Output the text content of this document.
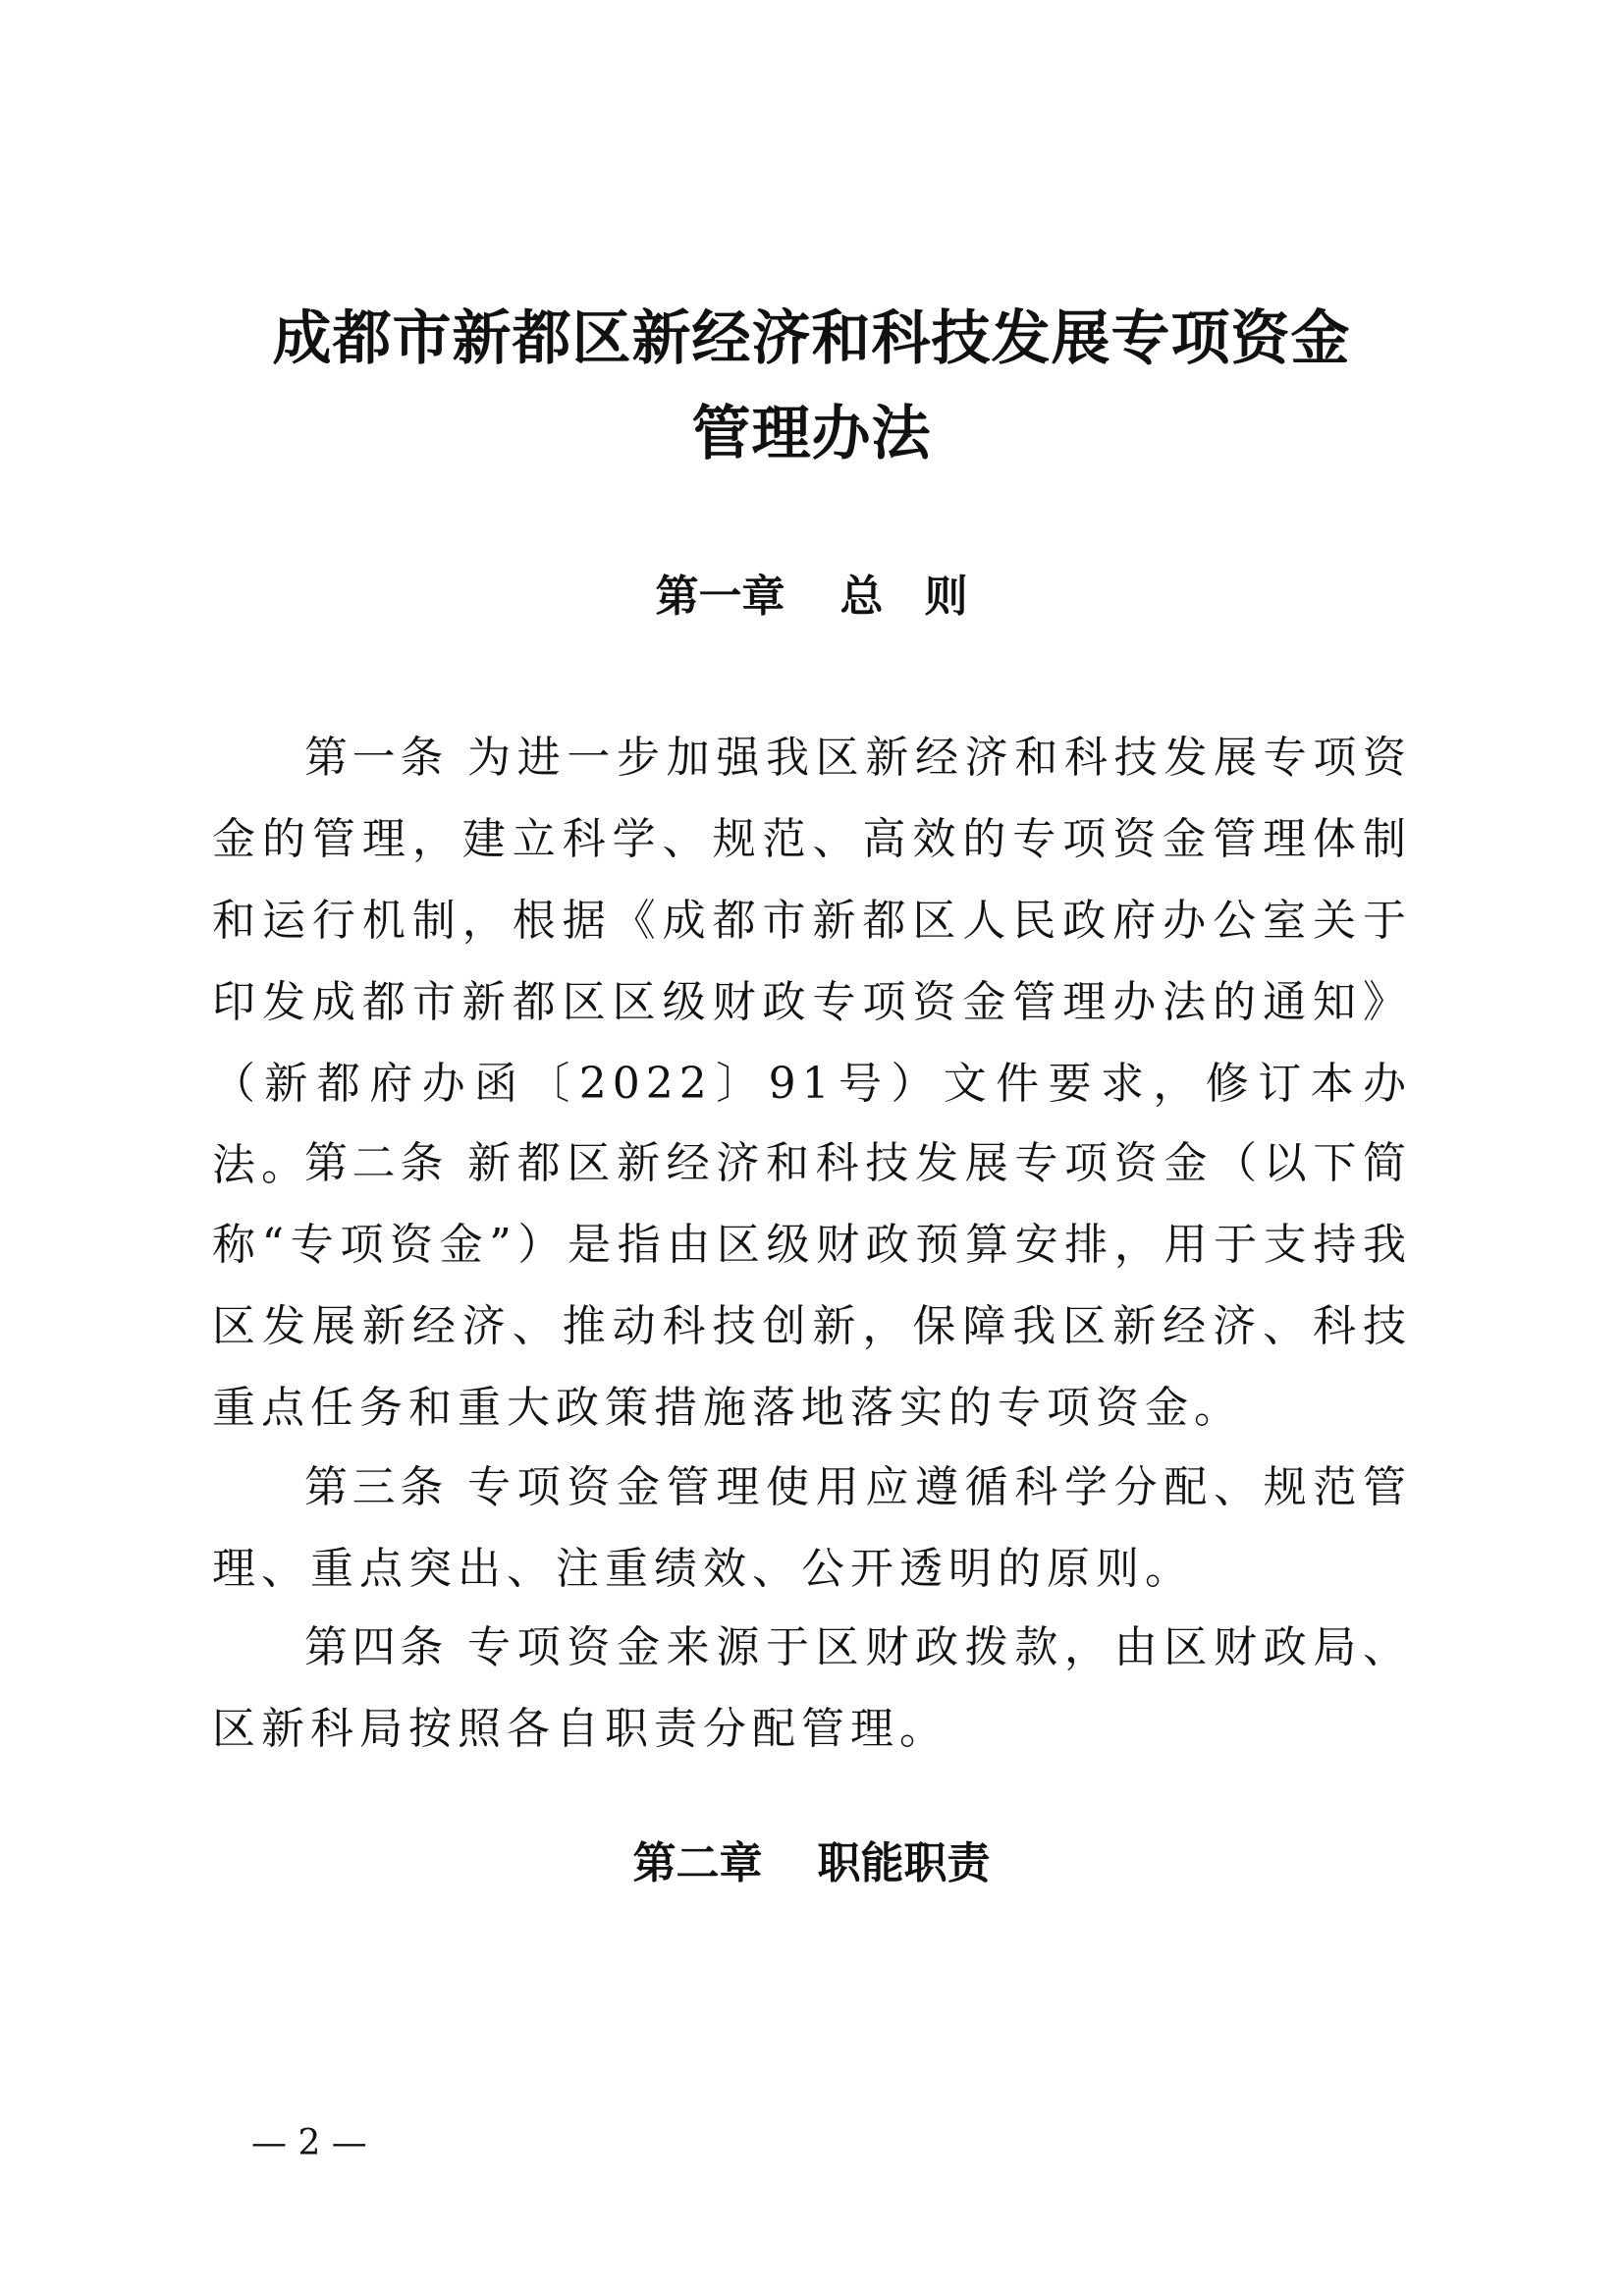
成都市新都区新经济和科技发展专项资金
管理办法
第一章 总则

第一条 为进一步加强我区新经济和科技发展专项资金的管理，建立科学、规范、高效的专项资金管理体制和运行机制，根据《成都市新都区人民政府办公室关于印发成都市新都区区级财政专项资金管理办法的通知》（新都府办函〔2022〕91号）文件要求，修订本办法。

第二条 新都区新经济和科技发展专项资金（以下简称“专项资金”）是指由区级财政预算安排，用于支持我区发展新经济、推动科技创新，保障我区新经济、科技重点任务和重大政策措施落地落实的专项资金。

第三条 专项资金管理使用应遵循科学分配、规范管理、重点突出、注重绩效、公开透明的原则。

第四条 专项资金来源于区财政拨款，由区财政局、区新科局按照各自职责分配管理。

第二章 职能职责

— 2 —
